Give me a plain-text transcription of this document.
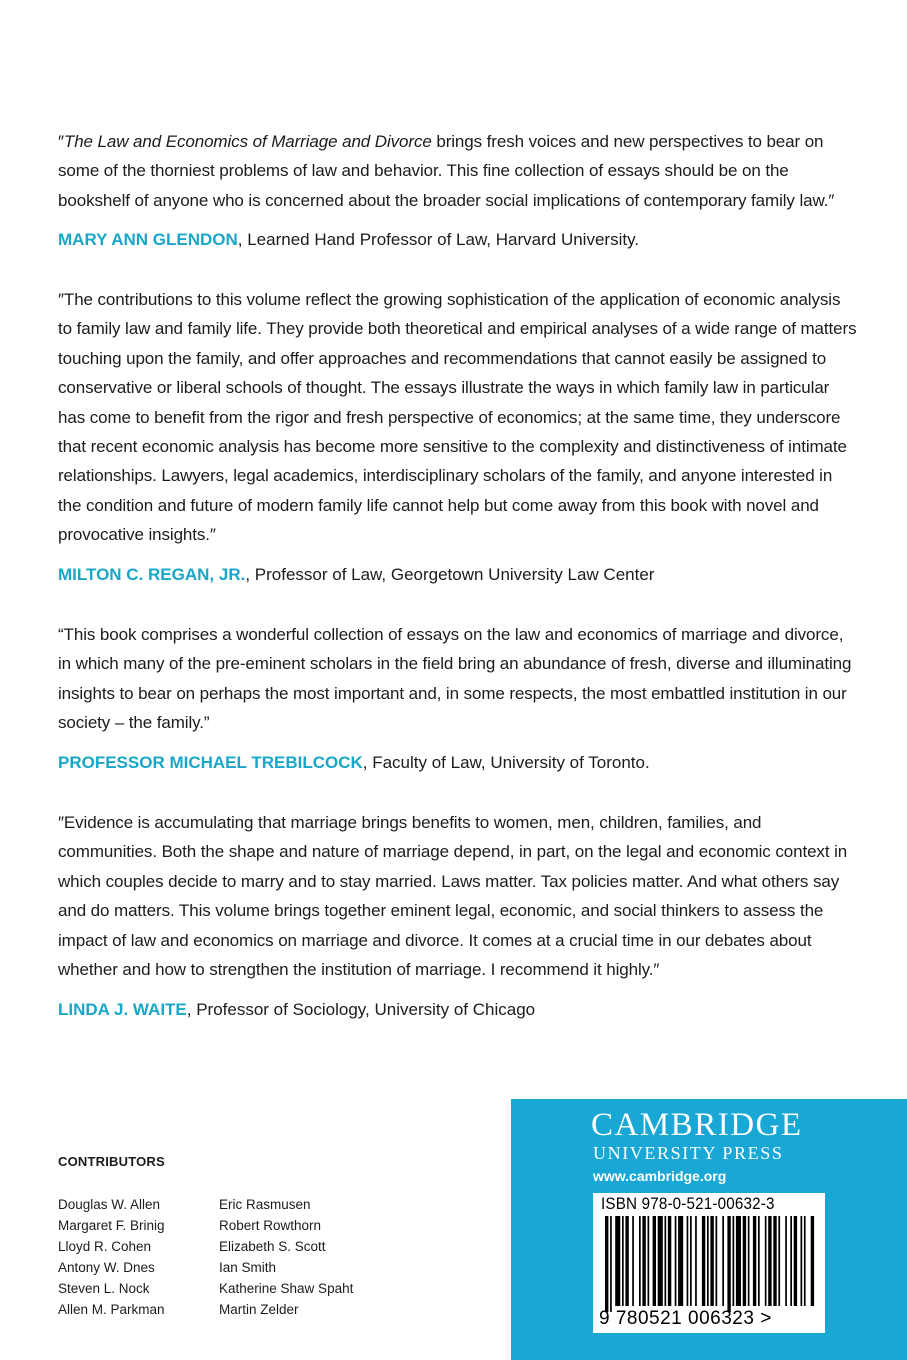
″The Law and Economics of Marriage and Divorce brings fresh voices and new perspectives to bear on some of the thorniest problems of law and behavior. This fine collection of essays should be on the bookshelf of anyone who is concerned about the broader social implications of contemporary family law.″

MARY ANN GLENDON, Learned Hand Professor of Law, Harvard University.

″The contributions to this volume reflect the growing sophistication of the application of economic analysis to family law and family life. They provide both theoretical and empirical analyses of a wide range of matters touching upon the family, and offer approaches and recommendations that cannot easily be assigned to conservative or liberal schools of thought. The essays illustrate the ways in which family law in particular has come to benefit from the rigor and fresh perspective of economics; at the same time, they underscore that recent economic analysis has become more sensitive to the complexity and distinctiveness of intimate relationships. Lawyers, legal academics, interdisciplinary scholars of the family, and anyone interested in the condition and future of modern family life cannot help but come away from this book with novel and provocative insights.″

MILTON C. REGAN, JR., Professor of Law, Georgetown University Law Center

“This book comprises a wonderful collection of essays on the law and economics of marriage and divorce, in which many of the pre-eminent scholars in the field bring an abundance of fresh, diverse and illuminating insights to bear on perhaps the most important and, in some respects, the most embattled institution in our society – the family.”

PROFESSOR MICHAEL TREBILCOCK, Faculty of Law, University of Toronto.

″Evidence is accumulating that marriage brings benefits to women, men, children, families, and communities. Both the shape and nature of marriage depend, in part, on the legal and economic context in which couples decide to marry and to stay married. Laws matter. Tax policies matter. And what others say and do matters. This volume brings together eminent legal, economic, and social thinkers to assess the impact of law and economics on marriage and divorce. It comes at a crucial time in our debates about whether and how to strengthen the institution of marriage. I recommend it highly.″

LINDA J. WAITE, Professor of Sociology, University of Chicago

CONTRIBUTORS
Douglas W. Allen
Margaret F. Brinig
Lloyd R. Cohen
Antony W. Dnes
Steven L. Nock
Allen M. Parkman
Eric Rasmusen
Robert Rowthorn
Elizabeth S. Scott
Ian Smith
Katherine Shaw Spaht
Martin Zelder
CAMBRIDGE
UNIVERSITY PRESS
www.cambridge.org
ISBN 978-0-521-00632-3
9 780521 006323 >
